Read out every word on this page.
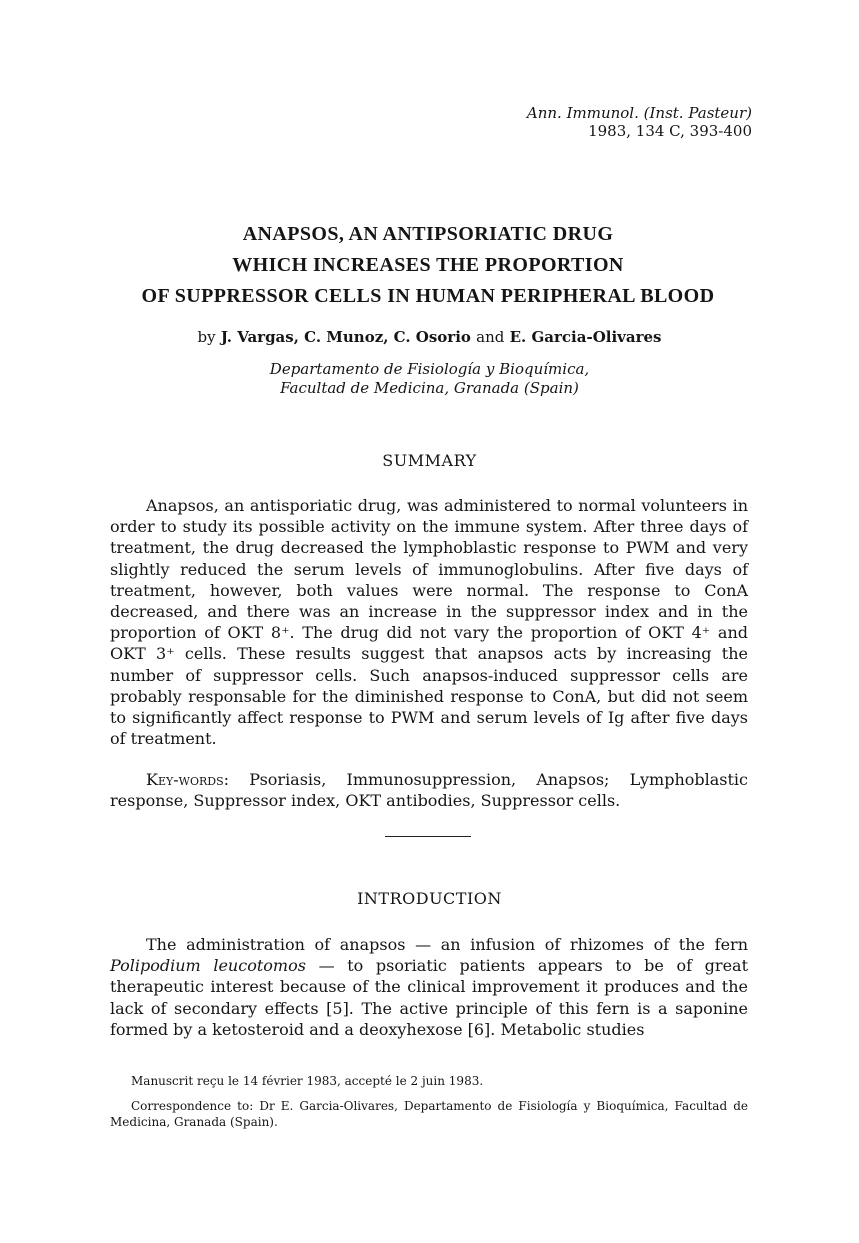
Ann. Immunol. (Inst. Pasteur)
1983, 134 C, 393-400
ANAPSOS, AN ANTIPSORIATIC DRUG
WHICH INCREASES THE PROPORTION
OF SUPPRESSOR CELLS IN HUMAN PERIPHERAL BLOOD
by J. Vargas, C. Munoz, C. Osorio and E. Garcia-Olivares
Departamento de Fisiología y Bioquímica,
Facultad de Medicina, Granada (Spain)
SUMMARY
Anapsos, an antisporiatic drug, was administered to normal volunteers in order to study its possible activity on the immune system. After three days of treatment, the drug decreased the lymphoblastic response to PWM and very slightly reduced the serum levels of immunoglobulins. After five days of treatment, however, both values were normal. The response to ConA decreased, and there was an increase in the suppressor index and in the proportion of OKT 8⁺. The drug did not vary the proportion of OKT 4⁺ and OKT 3⁺ cells. These results suggest that anapsos acts by increasing the number of suppressor cells. Such anapsos-induced suppressor cells are probably responsable for the diminished response to ConA, but did not seem to significantly affect response to PWM and serum levels of Ig after five days of treatment.
Key-words: Psoriasis, Immunosuppression, Anapsos; Lymphoblastic response, Suppressor index, OKT antibodies, Suppressor cells.
INTRODUCTION
The administration of anapsos — an infusion of rhizomes of the fern Polipodium leucotomos — to psoriatic patients appears to be of great therapeutic interest because of the clinical improvement it produces and the lack of secondary effects [5]. The active principle of this fern is a saponine formed by a ketosteroid and a deoxyhexose [6]. Metabolic studies
Manuscrit reçu le 14 février 1983, accepté le 2 juin 1983.
Correspondence to: Dr E. Garcia-Olivares, Departamento de Fisiología y Bioquímica, Facultad de Medicina, Granada (Spain).
